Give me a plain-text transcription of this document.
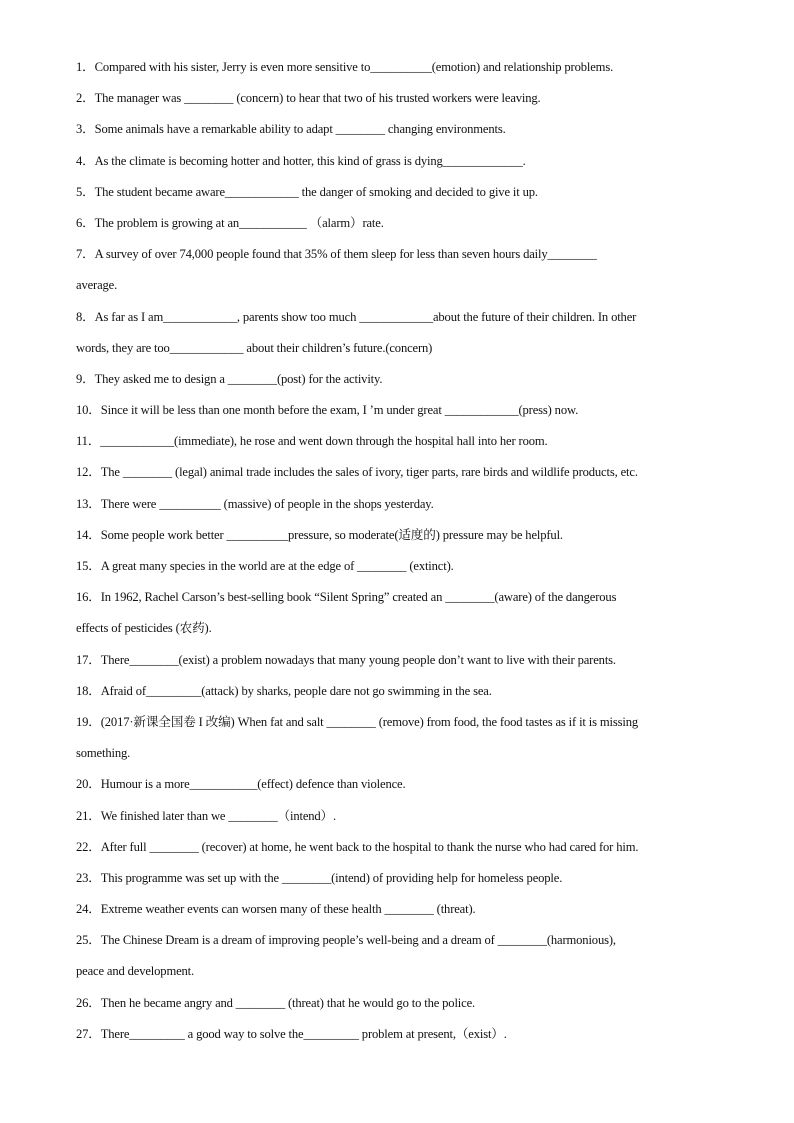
1．Compared with his sister, Jerry is even more sensitive to__________(emotion) and relationship problems.
2．The manager was ________ (concern) to hear that two of his trusted workers were leaving.
3．Some animals have a remarkable ability to adapt ________ changing environments.
4．As the climate is becoming hotter and hotter, this kind of grass is dying_____________.
5．The student became aware____________ the danger of smoking and decided to give it up.
6．The problem is growing at an___________ （alarm）rate.
7．A survey of over 74,000 people found that 35% of them sleep for less than seven hours daily________
average.
8．As far as I am____________, parents show too much ____________about the future of their children. In other
words, they are too____________ about their children’s future.(concern)
9．They asked me to design a ________(post) for the activity.
10．Since it will be less than one month before the exam, I ’m under great ____________(press) now.
11．____________(immediate), he rose and went down through the hospital hall into her room.
12．The ________ (legal) animal trade includes the sales of ivory, tiger parts, rare birds and wildlife products, etc.
13．There were __________ (massive) of people in the shops yesterday.
14．Some people work better __________pressure, so moderate(适度的) pressure may be helpful.
15．A great many species in the world are at the edge of ________ (extinct).
16．In 1962, Rachel Carson’s best-selling book “Silent Spring” created an ________(aware) of the dangerous
effects of pesticides (农药).
17．There________(exist) a problem nowadays that many young people don’t want to live with their parents.
18．Afraid of_________(attack) by sharks, people dare not go swimming in the sea.
19．(2017·新课全国卷 I 改编) When fat and salt ________ (remove) from food, the food tastes as if it is missing
something.
20．Humour is a more___________(effect) defence than violence.
21．We finished later than we ________（intend）.
22．After full ________ (recover) at home, he went back to the hospital to thank the nurse who had cared for him.
23．This programme was set up with the ________(intend) of providing help for homeless people.
24．Extreme weather events can worsen many of these health ________ (threat).
25．The Chinese Dream is a dream of improving people’s well-being and a dream of ________(harmonious),
peace and development.
26．Then he became angry and ________ (threat) that he would go to the police.
27．There_________ a good way to solve the_________ problem at present,（exist）.
